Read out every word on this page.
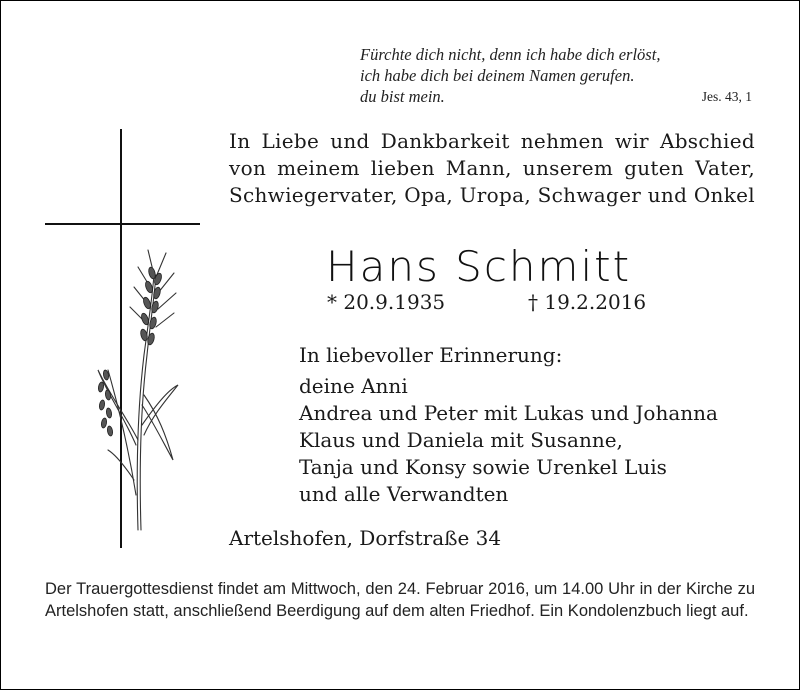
Fürchte dich nicht, denn ich habe dich erlöst,
ich habe dich bei deinem Namen gerufen.
du bist mein.	Jes. 43, 1
In Liebe und Dankbarkeit nehmen wir Abschied von meinem lieben Mann, unserem guten Vater, Schwiegervater, Opa, Uropa, Schwager und Onkel
Hans Schmitt
* 20.9.1935	† 19.2.2016
In liebevoller Erinnerung:
deine Anni
Andrea und Peter mit Lukas und Johanna
Klaus und Daniela mit Susanne,
Tanja und Konsy sowie Urenkel Luis
und alle Verwandten
Artelshofen, Dorfstraße 34
Der Trauergottesdienst findet am Mittwoch, den 24. Februar 2016, um 14.00 Uhr in der Kirche zu Artelshofen statt, anschließend Beerdigung auf dem alten Friedhof. Ein Kondolenzbuch liegt auf.
